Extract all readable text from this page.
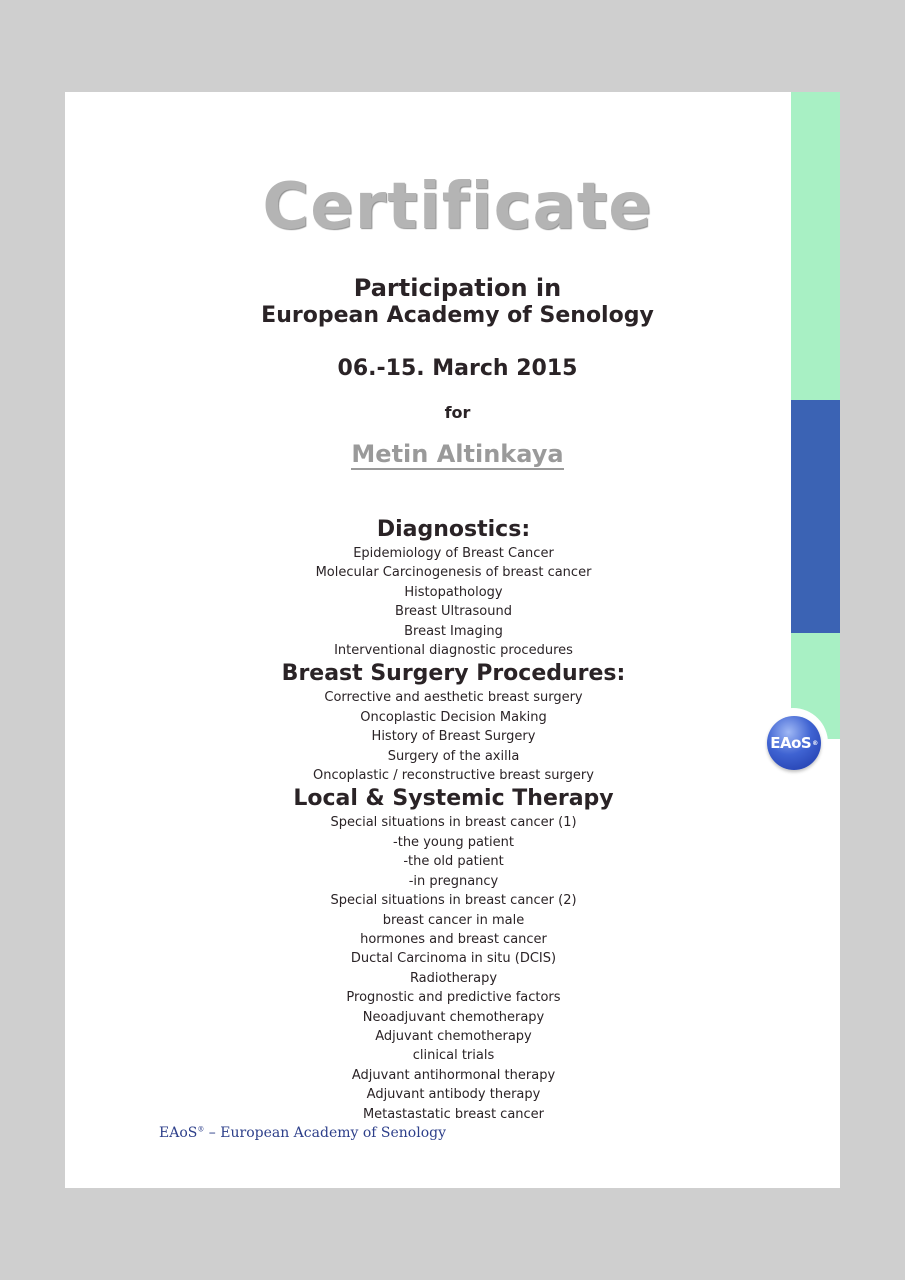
EAoS ®
Certificate
Participation in
European Academy of Senology
06.-15. March 2015
for
Metin Altinkaya
Diagnostics:
Epidemiology of Breast Cancer
Molecular Carcinogenesis of breast cancer
Histopathology
Breast Ultrasound
Breast Imaging
Interventional diagnostic procedures
Breast Surgery Procedures:
Corrective and aesthetic breast surgery
Oncoplastic Decision Making
History of Breast Surgery
Surgery of the axilla
Oncoplastic / reconstructive breast surgery
Local & Systemic Therapy
Special situations in breast cancer (1)
-the young patient
-the old patient
-in pregnancy
Special situations in breast cancer (2)
breast cancer in male
hormones and breast cancer
Ductal Carcinoma in situ (DCIS)
Radiotherapy
Prognostic and predictive factors
Neoadjuvant chemotherapy
Adjuvant chemotherapy
clinical trials
Adjuvant antihormonal therapy
Adjuvant antibody therapy
Metastastatic breast cancer
EAoS® – European Academy of Senology
